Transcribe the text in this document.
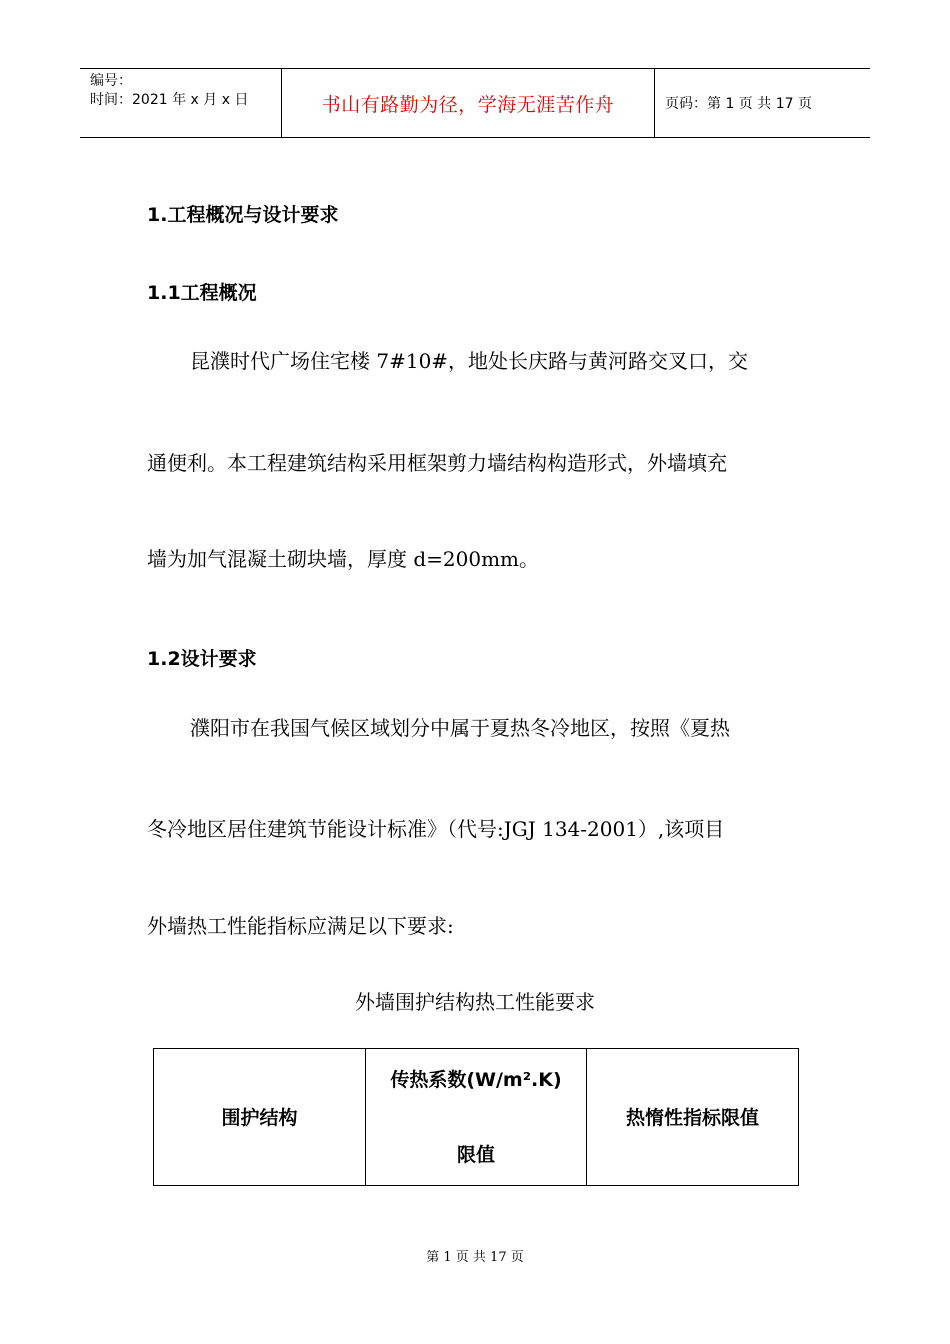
编号：
时间：2021 年 x 月 x 日	书山有路勤为径，学海无涯苦作舟	页码：第 1 页 共 17 页
1.工程概况与设计要求
1.1工程概况
昆濮时代广场住宅楼 7#10#，地处长庆路与黄河路交叉口，交
通便利。本工程建筑结构采用框架剪力墙结构构造形式，外墙填充
墙为加气混凝土砌块墙，厚度 d=200mm。
1.2设计要求
濮阳市在我国气候区域划分中属于夏热冬冷地区，按照《夏热
冬冷地区居住建筑节能设计标准》（代号:JGJ 134-2001）,该项目
外墙热工性能指标应满足以下要求:
外墙围护结构热工性能要求
围护结构
传热系数(W/m².K)
限值
热惰性指标限值
第 1 页 共 17 页
